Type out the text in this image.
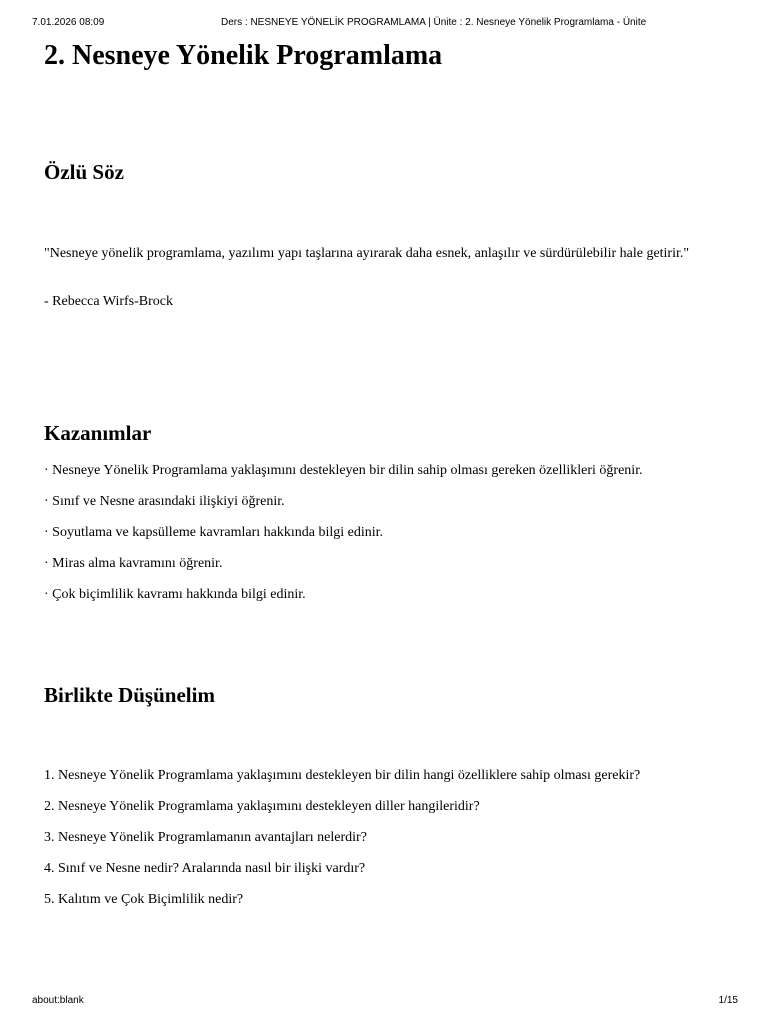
7.01.2026 08:09	Ders : NESNEYE YÖNELİK PROGRAMLAMA | Ünite : 2. Nesneye Yönelik Programlama - Ünite
2. Nesneye Yönelik Programlama
Özlü Söz

"Nesneye yönelik programlama, yazılımı yapı taşlarına ayırarak daha esnek, anlaşılır ve sürdürülebilir hale getirir."

- Rebecca Wirfs-Brock

Kazanımlar

· Nesneye Yönelik Programlama yaklaşımını destekleyen bir dilin sahip olması gereken özellikleri öğrenir.

· Sınıf ve Nesne arasındaki ilişkiyi öğrenir.

· Soyutlama ve kapsülleme kavramları hakkında bilgi edinir.

· Miras alma kavramını öğrenir.

· Çok biçimlilik kavramı hakkında bilgi edinir.

Birlikte Düşünelim

1. Nesneye Yönelik Programlama yaklaşımını destekleyen bir dilin hangi özelliklere sahip olması gerekir?

2. Nesneye Yönelik Programlama yaklaşımını destekleyen diller hangileridir?

3. Nesneye Yönelik Programlamanın avantajları nelerdir?

4. Sınıf ve Nesne nedir? Aralarında nasıl bir ilişki vardır?

5. Kalıtım ve Çok Biçimlilik nedir?

about:blank	1/15
